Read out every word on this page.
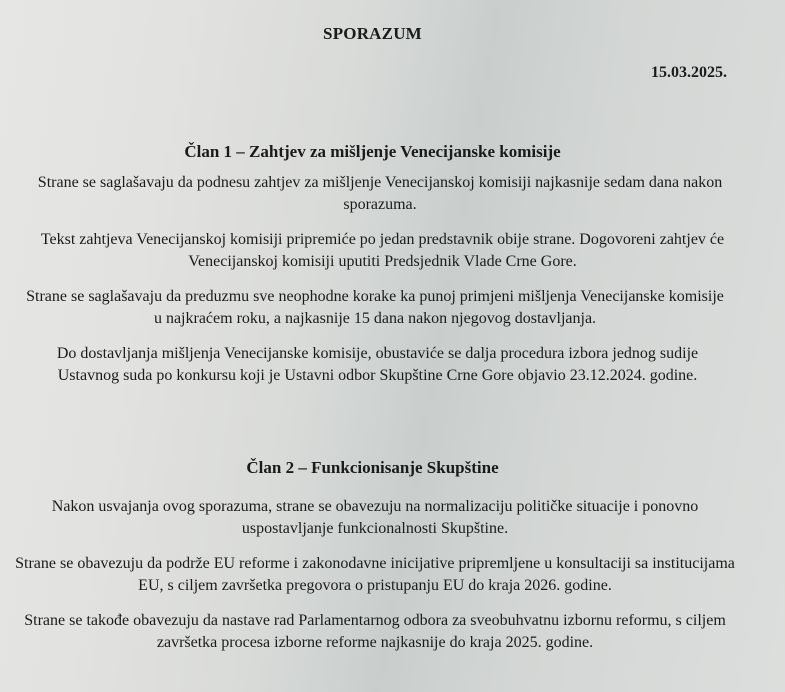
SPORAZUM
15.03.2025.
Član 1 – Zahtjev za mišljenje Venecijanske komisije
Strane se saglašavaju da podnesu zahtjev za mišljenje Venecijanskoj komisiji najkasnije sedam dana nakon sporazuma.
Tekst zahtjeva Venecijanskoj komisiji pripremiće po jedan predstavnik obije strane. Dogovoreni zahtjev će Venecijanskoj komisiji uputiti Predsjednik Vlade Crne Gore.
Strane se saglašavaju da preduzmu sve neophodne korake ka punoj primjeni mišljenja Venecijanske komisije u najkraćem roku, a najkasnije 15 dana nakon njegovog dostavljanja.
Do dostavljanja mišljenja Venecijanske komisije, obustaviće se dalja procedura izbora jednog sudije Ustavnog suda po konkursu koji je Ustavni odbor Skupštine Crne Gore objavio 23.12.2024. godine.
Član 2 – Funkcionisanje Skupštine
Nakon usvajanja ovog sporazuma, strane se obavezuju na normalizaciju političke situacije i ponovno uspostavljanje funkcionalnosti Skupštine.
Strane se obavezuju da podrže EU reforme i zakonodavne inicijative pripremljene u konsultaciji sa institucijama EU, s ciljem završetka pregovora o pristupanju EU do kraja 2026. godine.
Strane se takođe obavezuju da nastave rad Parlamentarnog odbora za sveobuhvatnu izbornu reformu, s ciljem završetka procesa izborne reforme najkasnije do kraja 2025. godine.
